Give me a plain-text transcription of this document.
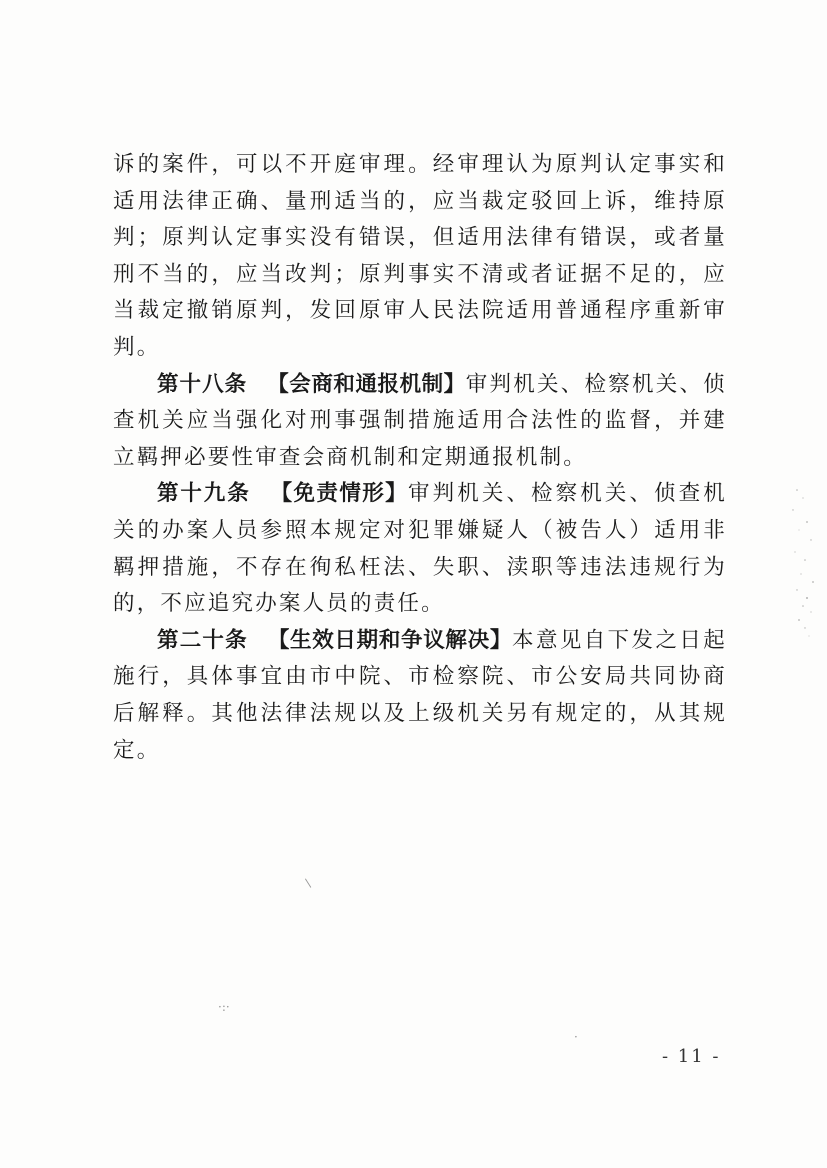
诉的案件，可以不开庭审理。经审理认为原判认定事实和适用法律正确、量刑适当的，应当裁定驳回上诉，维持原判；原判认定事实没有错误，但适用法律有错误，或者量刑不当的，应当改判；原判事实不清或者证据不足的，应当裁定撤销原判，发回原审人民法院适用普通程序重新审判。

第十八条 【会商和通报机制】审判机关、检察机关、侦查机关应当强化对刑事强制措施适用合法性的监督，并建立羁押必要性审查会商机制和定期通报机制。

第十九条 【免责情形】审判机关、检察机关、侦查机关的办案人员参照本规定对犯罪嫌疑人（被告人）适用非羁押措施，不存在徇私枉法、失职、渎职等违法违规行为的，不应追究办案人员的责任。

第二十条 【生效日期和争议解决】本意见自下发之日起施行，具体事宜由市中院、市检察院、市公安局共同协商后解释。其他法律法规以及上级机关另有规定的，从其规定。

/
·:·
·
- 11 -
